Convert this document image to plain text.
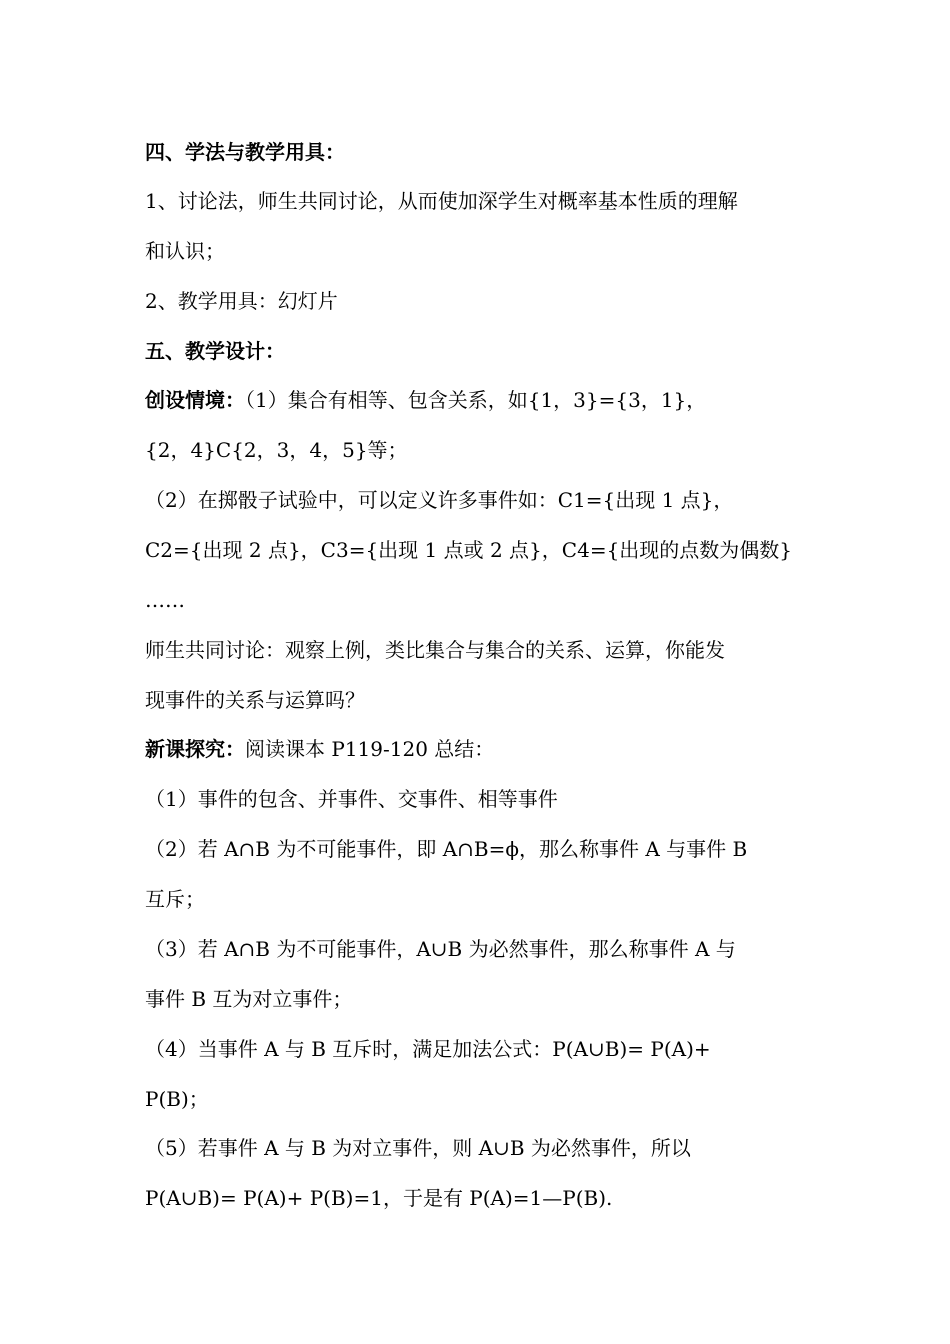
四、学法与教学用具：
1、讨论法，师生共同讨论，从而使加深学生对概率基本性质的理解
和认识；
2、教学用具：幻灯片
五、教学设计：
创设情境：（1）集合有相等、包含关系，如{1，3}={3，1}，
{2，4}C{2，3，4，5}等；
（2）在掷骰子试验中，可以定义许多事件如：C1={出现 1 点}，
C2={出现 2 点}，C3={出现 1 点或 2 点}，C4={出现的点数为偶数}
……
师生共同讨论：观察上例，类比集合与集合的关系、运算，你能发
现事件的关系与运算吗？
新课探究：阅读课本 P119-120 总结：
（1）事件的包含、并事件、交事件、相等事件
（2）若 A∩B 为不可能事件，即 A∩B=ϕ，那么称事件 A 与事件 B
互斥；
（3）若 A∩B 为不可能事件，A∪B 为必然事件，那么称事件 A 与
事件 B 互为对立事件；
（4）当事件 A 与 B 互斥时，满足加法公式：P(A∪B)= P(A)+
P(B)；
（5）若事件 A 与 B 为对立事件，则 A∪B 为必然事件，所以
P(A∪B)= P(A)+ P(B)=1，于是有 P(A)=1—P(B).
